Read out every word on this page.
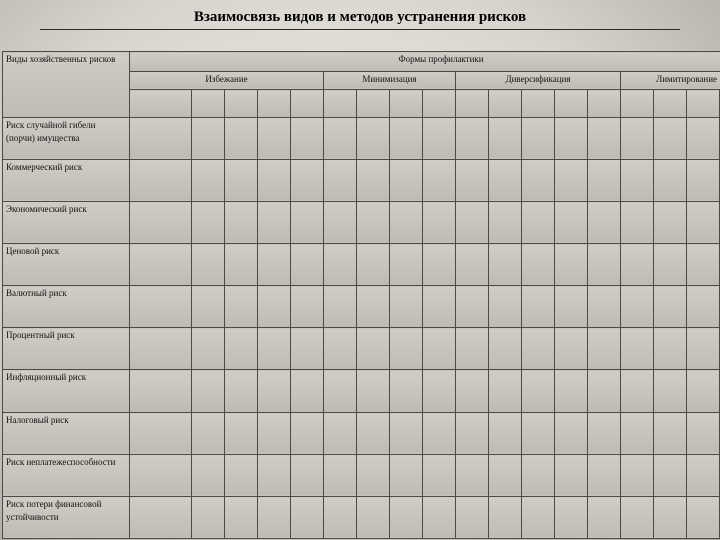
Взаимосвязь видов и методов устранения рисков
Виды хозяйственных рисков	Формы профилактики																	
	Избежание					Минимизация				Диверсификация					Лимитирование			

Риск случайной гибели (порчи) имущества																		
Коммерческий риск																		
Экономический риск																		
Ценовой риск																		
Валютный риск																		
Процентный риск																		
Инфляционный риск																		
Налоговый риск																		
Риск неплатежеспособности																		
Риск потери финансовой устойчивости																		
